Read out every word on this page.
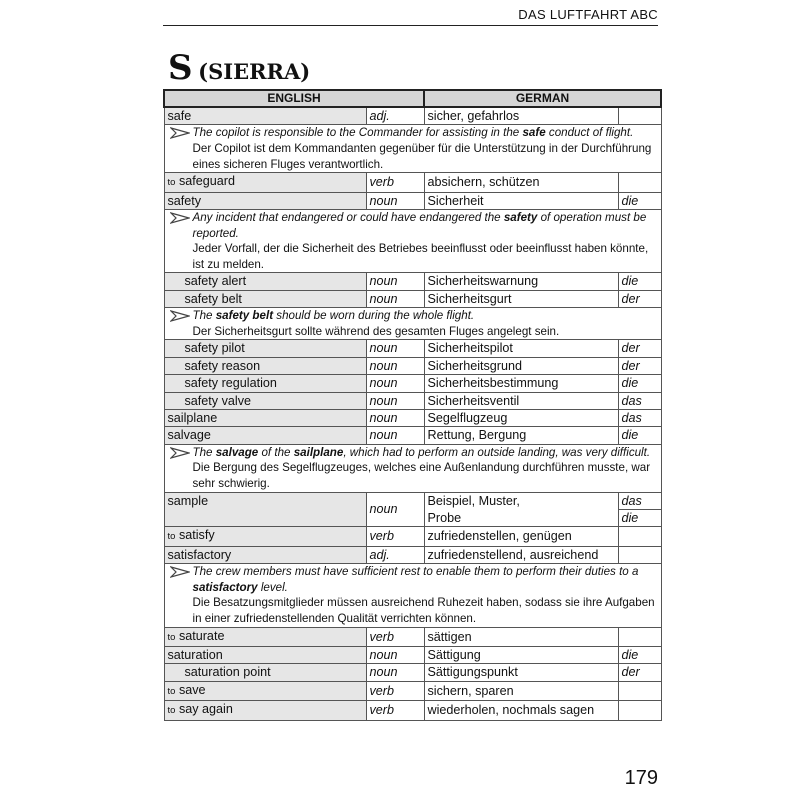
DAS LUFTFAHRT ABC
S (SIERRA)
ENGLISH		GERMAN	
safe	adj.	sicher, gefahrlos	

The copilot is responsible to the Commander for assisting in the safe conduct of flight.
Der Copilot ist dem Kommandanten gegenüber für die Unterstützung in der Durchführung eines sicheren Fluges verantwortlich.			

to safeguard	verb	absichern, schützen	
safety	noun	Sicherheit	die

Any incident that endangered or could have endangered the safety of operation must be reported.
Jeder Vorfall, der die Sicherheit des Betriebes beeinflusst oder beeinflusst haben könnte, ist zu melden.			

safety alert	noun	Sicherheitswarnung	die
safety belt	noun	Sicherheitsgurt	der

The safety belt should be worn during the whole flight.
Der Sicherheitsgurt sollte während des gesamten Fluges angelegt sein.			

safety pilot	noun	Sicherheitspilot	der
safety reason	noun	Sicherheitsgrund	der
safety regulation	noun	Sicherheitsbestimmung	die
safety valve	noun	Sicherheitsventil	das
sailplane	noun	Segelflugzeug	das
salvage	noun	Rettung, Bergung	die

The salvage of the sailplane, which had to perform an outside landing, was very difficult.
Die Bergung des Segelflugzeuges, welches eine Außenlandung durchführen musste, war sehr schwierig.			

sample	noun	Beispiel, Muster,	das
		Probe	die
to satisfy	verb	zufriedenstellen, genügen	
satisfactory	adj.	zufriedenstellend, ausreichend	

The crew members must have sufficient rest to enable them to perform their duties to a satisfactory level.
Die Besatzungsmitglieder müssen ausreichend Ruhezeit haben, sodass sie ihre Aufgaben in einer zufriedenstellenden Qualität verrichten können.			

to saturate	verb	sättigen	
saturation	noun	Sättigung	die
saturation point	noun	Sättigungspunkt	der
to save	verb	sichern, sparen	
to say again	verb	wiederholen, nochmals sagen	
179
